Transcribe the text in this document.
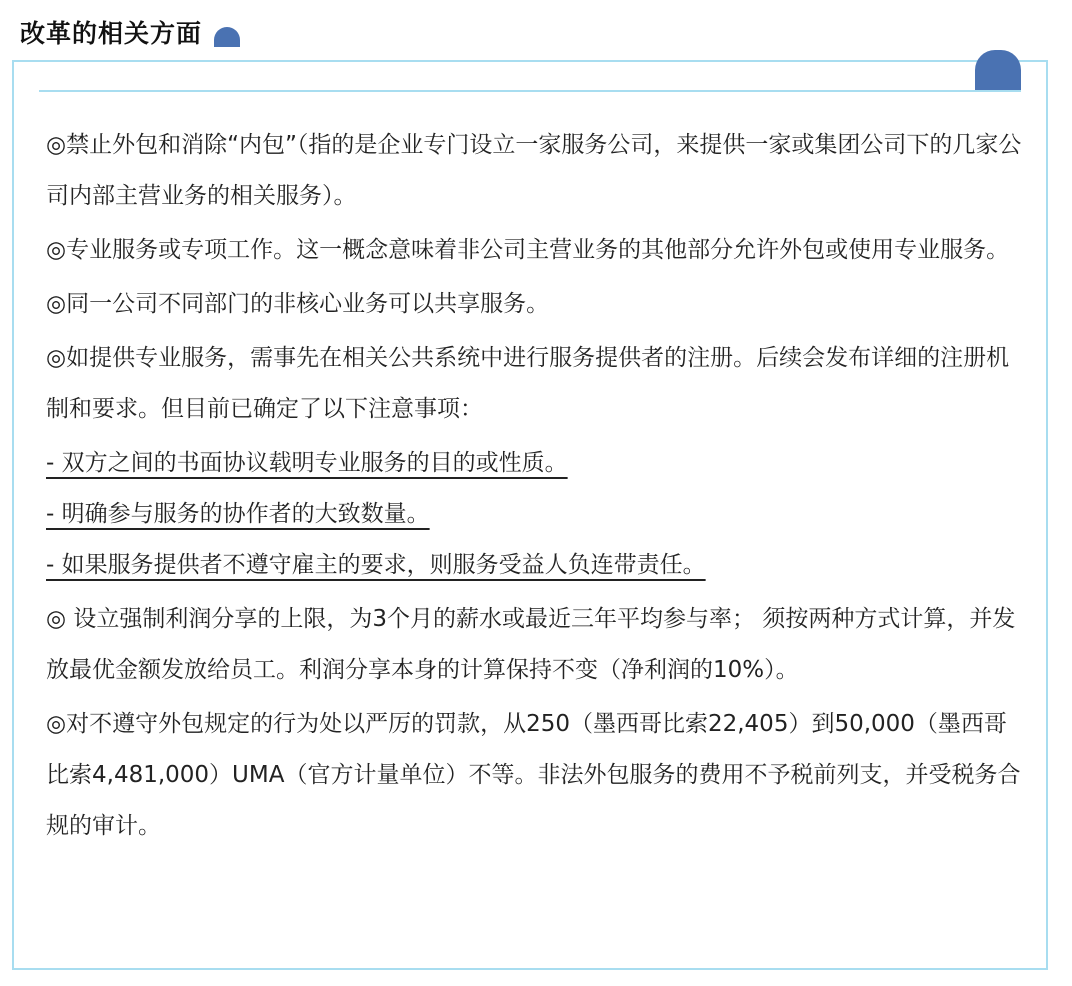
改革的相关方面

◎禁止外包和消除“内包”（指的是企业专门设立一家服务公司，来提供一家或集团公司下的几家公司内部主营业务的相关服务）。

◎专业服务或专项工作。这一概念意味着非公司主营业务的其他部分允许外包或使用专业服务。

◎同一公司不同部门的非核心业务可以共享服务。

◎如提供专业服务，需事先在相关公共系统中进行服务提供者的注册。后续会发布详细的注册机制和要求。但目前已确定了以下注意事项：

- 双方之间的书面协议载明专业服务的目的或性质。

- 明确参与服务的协作者的大致数量。

- 如果服务提供者不遵守雇主的要求，则服务受益人负连带责任。

◎ 设立强制利润分享的上限，为3个月的薪水或最近三年平均参与率； 须按两种方式计算，并发放最优金额发放给员工。利润分享本身的计算保持不变（净利润的10%）。

◎对不遵守外包规定的行为处以严厉的罚款，从250（墨西哥比索22,405）到50,000（墨西哥比索4,481,000）UMA（官方计量单位）不等。非法外包服务的费用不予税前列支，并受税务合规的审计。
